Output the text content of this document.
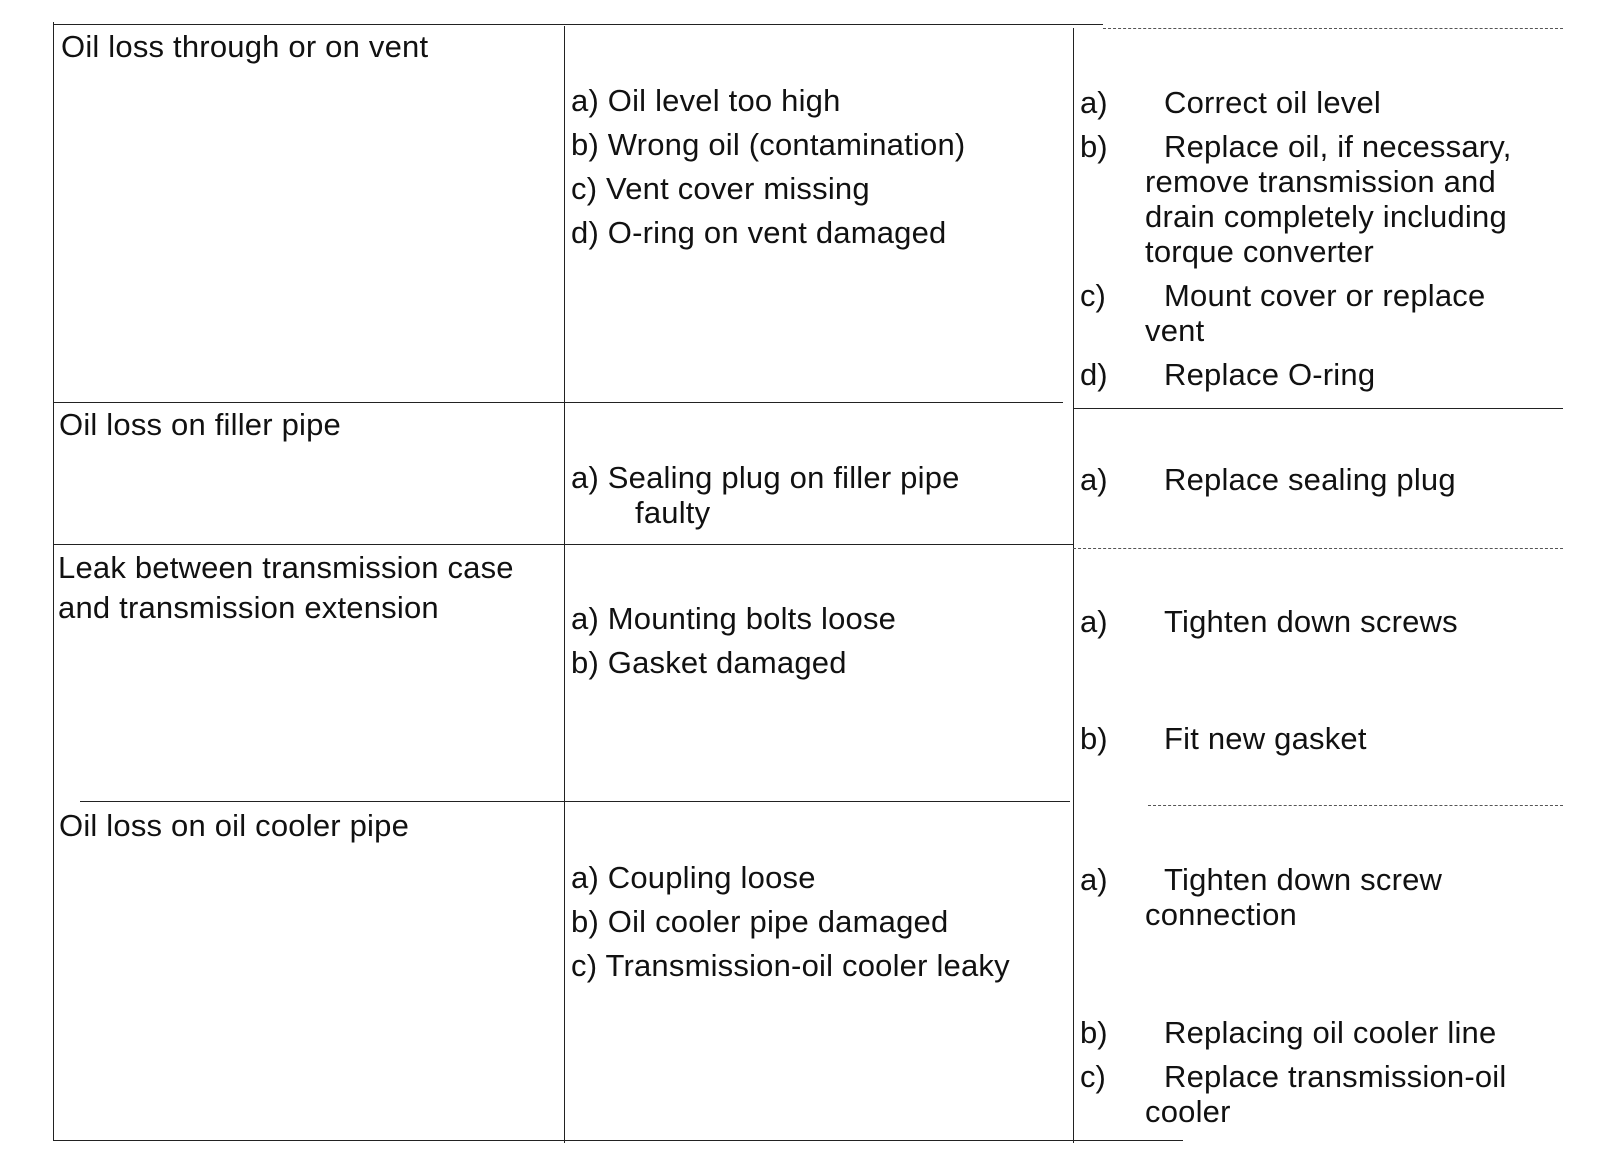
Oil loss through or on vent
a) Oil level too high
b) Wrong oil (contamination)
c) Vent cover missing
d) O-ring on vent damaged
a) Correct oil level
b) Replace oil, if necessary,
remove transmission and
drain completely including
torque converter
c) Mount cover or replace
vent
d) Replace O-ring
Oil loss on filler pipe
a) Sealing plug on filler pipe
faulty
a) Replace sealing plug
Leak between transmission case
and transmission extension	a) Mounting bolts loose
b) Gasket damaged
a) Tighten down screws
b) Fit new gasket
Oil loss on oil cooler pipe
a) Coupling loose
b) Oil cooler pipe damaged
c) Transmission-oil cooler leaky
a) Tighten down screw
connection
b) Replacing oil cooler line
c) Replace transmission-oil
cooler
